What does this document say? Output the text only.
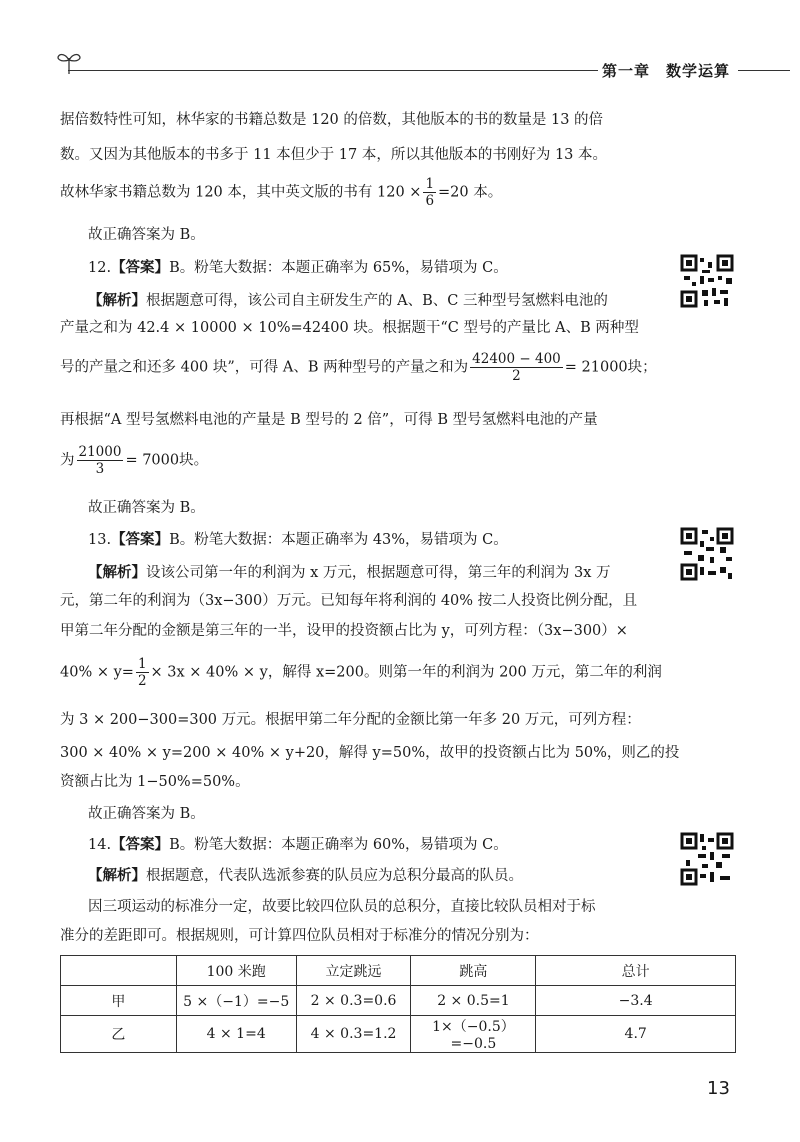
第一章　数学运算
据倍数特性可知，林华家的书籍总数是 120 的倍数，其他版本的书的数量是 13 的倍
数。又因为其他版本的书多于 11 本但少于 17 本，所以其他版本的书刚好为 13 本。
故林华家书籍总数为 120 本，其中英文版的书有 $120 \times \frac{1}{6} =20$ 本。
故正确答案为 B。
12.【答案】B。粉笔大数据：本题正确率为 65%，易错项为 C。
【解析】根据题意可得，该公司自主研发生产的 A、B、C 三种型号氢燃料电池的
产量之和为 42.4 × 10000 × 10%=42400 块。根据题干“C 型号的产量比 A、B 两种型
号的产量之和还多 400 块”，可得 A、B 两种型号的产量之和为 $\frac{42400 - 400}{2} = 21000$块；
再根据“A 型号氢燃料电池的产量是 B 型号的 2 倍”，可得 B 型号氢燃料电池的产量
为 $\frac{21000}{3} = 7000$块。
故正确答案为 B。
13.【答案】B。粉笔大数据：本题正确率为 43%，易错项为 C。
【解析】设该公司第一年的利润为 x 万元，根据题意可得，第三年的利润为 3x 万
元，第二年的利润为（3x−300）万元。已知每年将利润的 40% 按二人投资比例分配，且
甲第二年分配的金额是第三年的一半，设甲的投资额占比为 y，可列方程：（3x−300）×
$40\% \times y= \frac{1}{2} \times 3x \times 40\% \times y$，解得 x=200。则第一年的利润为 200 万元，第二年的利润
为 3 × 200−300=300 万元。根据甲第二年分配的金额比第一年多 20 万元，可列方程：
300 × 40% × y=200 × 40% × y+20，解得 y=50%，故甲的投资额占比为 50%，则乙的投
资额占比为 1−50%=50%。
故正确答案为 B。
14.【答案】B。粉笔大数据：本题正确率为 60%，易错项为 C。
【解析】根据题意，代表队选派参赛的队员应为总积分最高的队员。
因三项运动的标准分一定，故要比较四位队员的总积分，直接比较队员相对于标
准分的差距即可。根据规则，可计算四位队员相对于标准分的情况分别为：
	100 米跑	立定跳远	跳高	总计
甲	5 ×（−1）=−5	2 × 0.3=0.6	2 × 0.5=1	−3.4
乙	4 × 1=4	4 × 0.3=1.2	1×（−0.5）=−0.5	4.7
13
